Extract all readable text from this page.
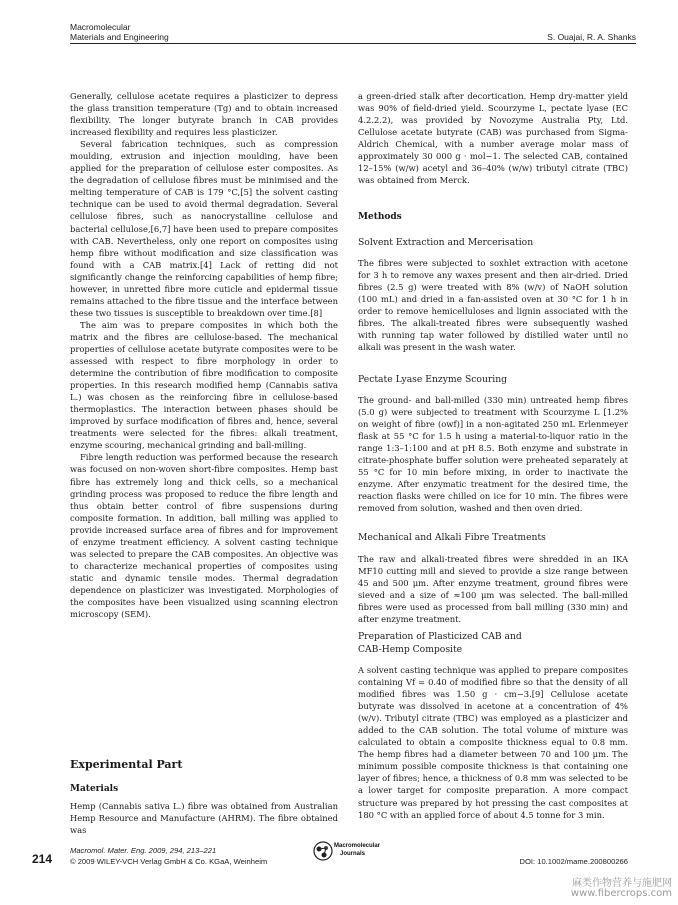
Macromolecular
Materials and Engineering	S. Ouajai, R. A. Shanks

Generally, cellulose acetate requires a plasticizer to depress the glass transition temperature (Tg) and to obtain increased flexibility. The longer butyrate branch in CAB provides increased flexibility and requires less plasticizer.

Several fabrication techniques, such as compression moulding, extrusion and injection moulding, have been applied for the preparation of cellulose ester composites. As the degradation of cellulose fibres must be minimised and the melting temperature of CAB is 179 °C,[5] the solvent casting technique can be used to avoid thermal degradation. Several cellulose fibres, such as nanocrystalline cellulose and bacterial cellulose,[6,7] have been used to prepare composites with CAB. Nevertheless, only one report on composites using hemp fibre without modification and size classification was found with a CAB matrix.[4] Lack of retting did not significantly change the reinforcing capabilities of hemp fibre; however, in unretted fibre more cuticle and epidermal tissue remains attached to the fibre tissue and the interface between these two tissues is susceptible to breakdown over time.[8]

The aim was to prepare composites in which both the matrix and the fibres are cellulose-based. The mechanical properties of cellulose acetate butyrate composites were to be assessed with respect to fibre morphology in order to determine the contribution of fibre modification to composite properties. In this research modified hemp (Cannabis sativa L.) was chosen as the reinforcing fibre in cellulose-based thermoplastics. The interaction between phases should be improved by surface modification of fibres and, hence, several treatments were selected for the fibres: alkali treatment, enzyme scouring, mechanical grinding and ball-milling.

Fibre length reduction was performed because the research was focused on non-woven short-fibre composites. Hemp bast fibre has extremely long and thick cells, so a mechanical grinding process was proposed to reduce the fibre length and thus obtain better control of fibre suspensions during composite formation. In addition, ball milling was applied to provide increased surface area of fibres and for improvement of enzyme treatment efficiency. A solvent casting technique was selected to prepare the CAB composites. An objective was to characterize mechanical properties of composites using static and dynamic tensile modes. Thermal degradation dependence on plasticizer was investigated. Morphologies of the composites have been visualized using scanning electron microscopy (SEM).

Experimental Part
Materials
Hemp (Cannabis sativa L.) fibre was obtained from Australian Hemp Resource and Manufacture (AHRM). The fibre obtained was
a green-dried stalk after decortication. Hemp dry-matter yield was 90% of field-dried yield. Scourzyme L, pectate lyase (EC 4.2.2.2), was provided by Novozyme Australia Pty, Ltd. Cellulose acetate butyrate (CAB) was purchased from Sigma-Aldrich Chemical, with a number average molar mass of approximately 30 000 g · mol−1. The selected CAB, contained 12–15% (w/w) acetyl and 36–40% (w/w) tributyl citrate (TBC) was obtained from Merck.
Methods
Solvent Extraction and Mercerisation
The fibres were subjected to soxhlet extraction with acetone for 3 h to remove any waxes present and then air-dried. Dried fibres (2.5 g) were treated with 8% (w/v) of NaOH solution (100 mL) and dried in a fan-assisted oven at 30 °C for 1 h in order to remove hemicelluloses and lignin associated with the fibres. The alkali-treated fibres were subsequently washed with running tap water followed by distilled water until no alkali was present in the wash water.
Pectate Lyase Enzyme Scouring
The ground- and ball-milled (330 min) untreated hemp fibres (5.0 g) were subjected to treatment with Scourzyme L [1.2% on weight of fibre (owf)] in a non-agitated 250 mL Erlenmeyer flask at 55 °C for 1.5 h using a material-to-liquor ratio in the range 1:3–1:100 and at pH 8.5. Both enzyme and substrate in citrate-phosphate buffer solution were preheated separately at 55 °C for 10 min before mixing, in order to inactivate the enzyme. After enzymatic treatment for the desired time, the reaction flasks were chilled on ice for 10 min. The fibres were removed from solution, washed and then oven dried.
Mechanical and Alkali Fibre Treatments
The raw and alkali-treated fibres were shredded in an IKA MF10 cutting mill and sieved to provide a size range between 45 and 500 μm. After enzyme treatment, ground fibres were sieved and a size of ≈100 μm was selected. The ball-milled fibres were used as processed from ball milling (330 min) and after enzyme treatment.
Preparation of Plasticized CAB and
CAB-Hemp Composite
A solvent casting technique was applied to prepare composites containing Vf = 0.40 of modified fibre so that the density of all modified fibres was 1.50 g · cm−3.[9] Cellulose acetate butyrate was dissolved in acetone at a concentration of 4% (w/v). Tributyl citrate (TBC) was employed as a plasticizer and added to the CAB solution. The total volume of mixture was calculated to obtain a composite thickness equal to 0.8 mm. The hemp fibres had a diameter between 70 and 100 μm. The minimum possible composite thickness is that containing one layer of fibres; hence, a thickness of 0.8 mm was selected to be a lower target for composite preparation. A more compact structure was prepared by hot pressing the cast composites at 180 °C with an applied force of about 4.5 tonne for 3 min.
214
Macromol. Mater. Eng. 2009, 294, 213–221
© 2009 WILEY-VCH Verlag GmbH & Co. KGaA, Weinheim
Macromolecular
Journals
DOI: 10.1002/mame.200800266
麻类作物营养与施肥网
www.fibercrops.com
